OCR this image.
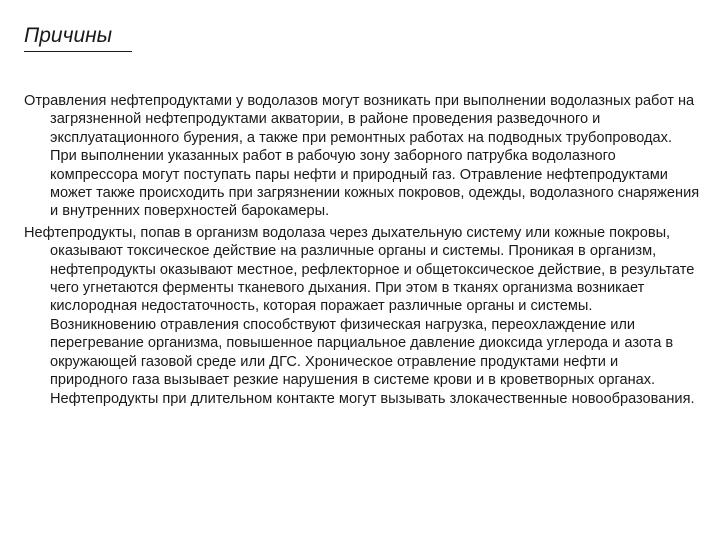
Причины

Отравления нефтепродуктами у водолазов могут возникать при выполнении водолазных работ на загрязненной нефтепродуктами акватории, в районе проведения разведочного и эксплуатационного бурения, а также при ремонтных работах на подводных трубопроводах. При выполнении указанных работ в рабочую зону заборного патрубка водолазного компрессора могут поступать пары нефти и природный газ. Отравление нефтепродуктами может также происходить при загрязнении кожных покровов, одежды, водолазного снаряжения и внутренних поверхностей барокамеры.

Нефтепродукты, попав в организм водолаза через дыхательную систему или кожные покровы, оказывают токсическое действие на различные органы и системы. Проникая в организм, нефтепродукты оказывают местное, рефлекторное и общетоксическое действие, в результате чего угнетаются ферменты тканевого дыхания. При этом в тканях организма возникает кислородная недостаточность, которая поражает различные органы и системы. Возникновению отравления способствуют физическая нагрузка, переохлаждение или перегревание организма, повышенное парциальное давление диоксида углерода и азота в окружающей газовой среде или ДГС. Хроническое отравление продуктами нефти и природного газа вызывает резкие нарушения в системе крови и в кроветворных органах. Нефтепродукты при длительном контакте могут вызывать злокачественные новообразования.
